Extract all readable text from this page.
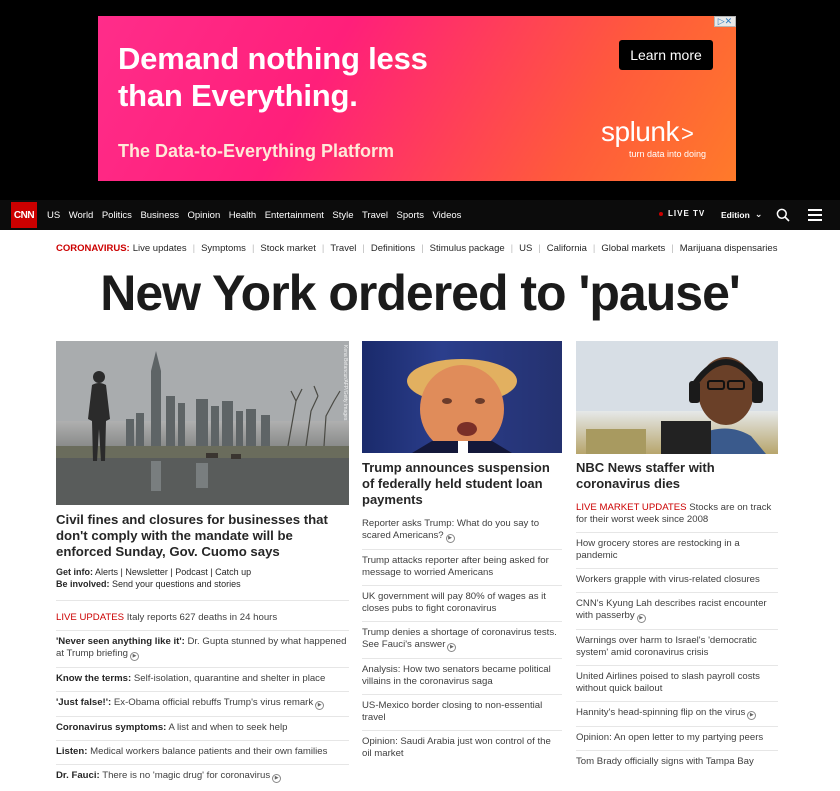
Demand nothing less
than Everything.
The Data-to-Everything Platform
Learn more
splunk>
turn data into doing
▷✕
CNN	US World Politics Business Opinion Health Entertainment Style Travel Sports Videos	LIVE TV Edition ⌄
CORONAVIRUS: Live updates | Symptoms | Stock market | Travel | Definitions | Stimulus package | US | California | Global markets | Marijuana dispensaries
New York ordered to 'pause'
Kena Betancur/AFP/Getty Images
Civil fines and closures for businesses that don't comply with the mandate will be enforced Sunday, Gov. Cuomo says
Get info: Alerts | Newsletter | Podcast | Catch up
Be involved: Send your questions and stories
LIVE UPDATES Italy reports 627 deaths in 24 hours
'Never seen anything like it': Dr. Gupta stunned by what happened at Trump briefing ▶
Know the terms: Self-isolation, quarantine and shelter in place
'Just false!': Ex-Obama official rebuffs Trump's virus remark ▶
Coronavirus symptoms: A list and when to seek help
Listen: Medical workers balance patients and their own families
Dr. Fauci: There is no 'magic drug' for coronavirus ▶
Trump announces suspension of federally held student loan payments
Reporter asks Trump: What do you say to scared Americans? ▶
Trump attacks reporter after being asked for message to worried Americans
UK government will pay 80% of wages as it closes pubs to fight coronavirus
Trump denies a shortage of coronavirus tests. See Fauci's answer ▶
Analysis: How two senators became political villains in the coronavirus saga
US-Mexico border closing to non-essential travel
Opinion: Saudi Arabia just won control of the oil market
NBC News staffer with coronavirus dies
LIVE MARKET UPDATES Stocks are on track for their worst week since 2008
How grocery stores are restocking in a pandemic
Workers grapple with virus-related closures
CNN's Kyung Lah describes racist encounter with passerby ▶
Warnings over harm to Israel's 'democratic system' amid coronavirus crisis
United Airlines poised to slash payroll costs without quick bailout
Hannity's head-spinning flip on the virus ▶
Opinion: An open letter to my partying peers
Tom Brady officially signs with Tampa Bay
